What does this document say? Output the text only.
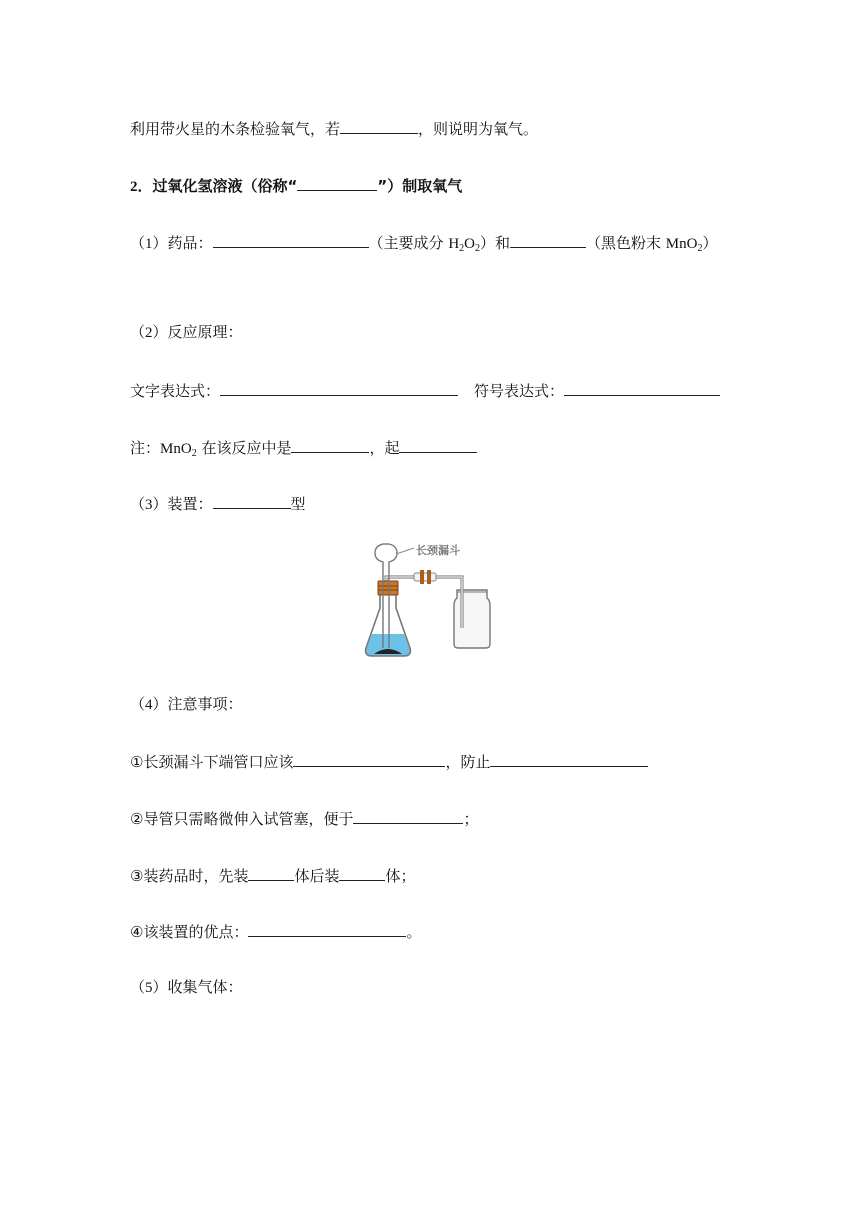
利用带火星的木条检验氧气，若	，则说明为氧气。
2．过氧化氢溶液（俗称“	”）制取氧气
（1）药品：	（主要成分 $H_2O_2$）和	（黑色粉末 MnO$_2$）
（2）反应原理：
文字表达式：	符号表达式：
注：MnO$_2$ 在该反应中是	，起
（3）装置：	型
长颈漏斗
（4）注意事项：
①长颈漏斗下端管口应该	，防止
②导管只需略微伸入试管塞，便于	；
③装药品时，先装	体后装	体；
④该装置的优点：	。
（5）收集气体：
